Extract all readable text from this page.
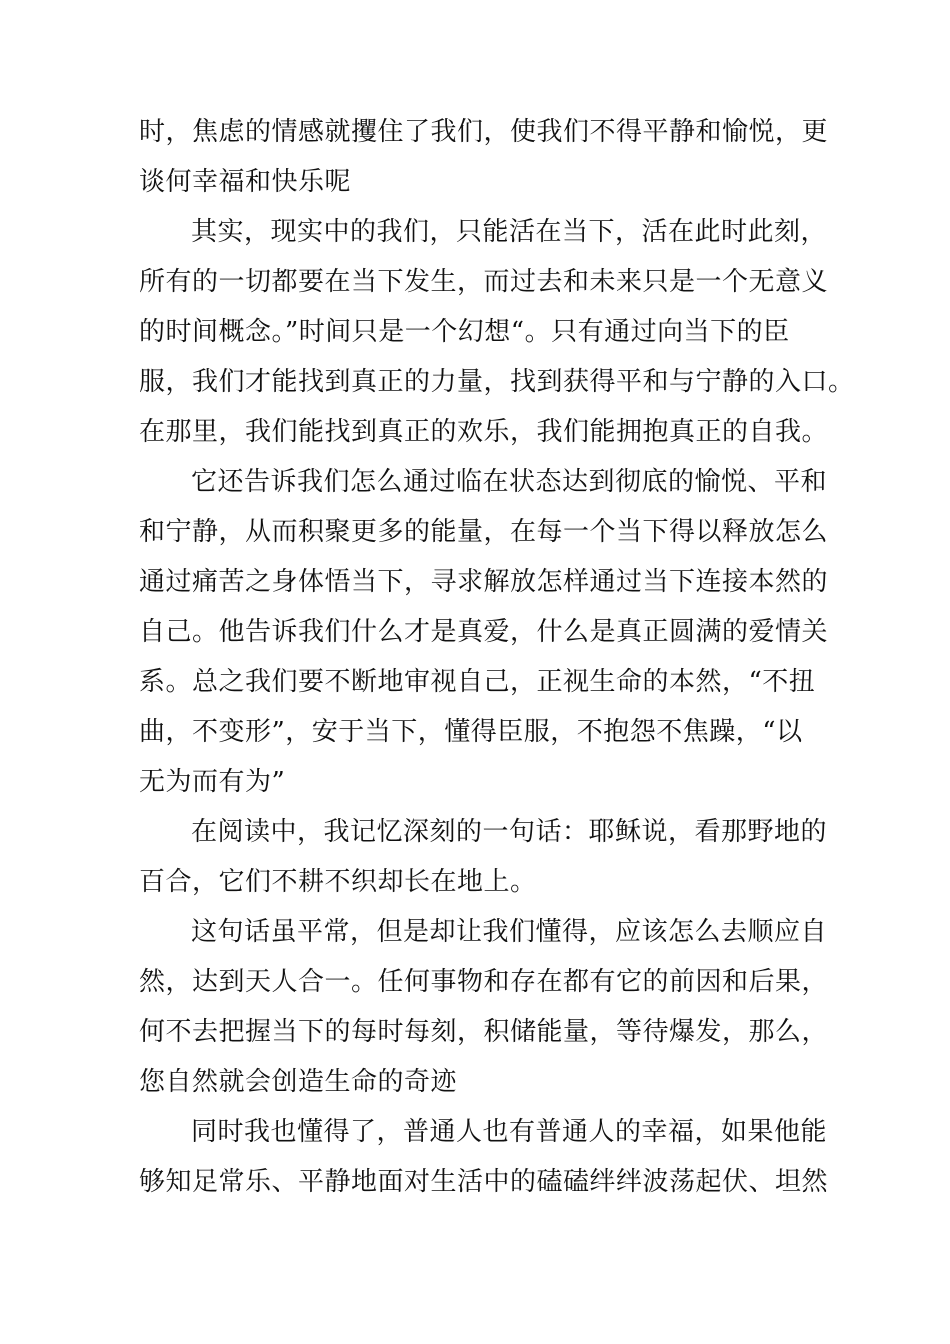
时，焦虑的情感就攫住了我们，使我们不得平静和愉悦，更
谈何幸福和快乐呢
其实，现实中的我们，只能活在当下，活在此时此刻，
所有的一切都要在当下发生，而过去和未来只是一个无意义
的时间概念。”时间只是一个幻想“。只有通过向当下的臣
服，我们才能找到真正的力量，找到获得平和与宁静的入口。
在那里，我们能找到真正的欢乐，我们能拥抱真正的自我。
它还告诉我们怎么通过临在状态达到彻底的愉悦、平和
和宁静，从而积聚更多的能量，在每一个当下得以释放怎么
通过痛苦之身体悟当下，寻求解放怎样通过当下连接本然的
自己。他告诉我们什么才是真爱，什么是真正圆满的爱情关
系。总之我们要不断地审视自己，正视生命的本然，“不扭
曲，不变形”，安于当下，懂得臣服，不抱怨不焦躁，“以
无为而有为”
在阅读中，我记忆深刻的一句话：耶稣说，看那野地的
百合，它们不耕不织却长在地上。
这句话虽平常，但是却让我们懂得，应该怎么去顺应自
然，达到天人合一。任何事物和存在都有它的前因和后果，
何不去把握当下的每时每刻，积储能量，等待爆发，那么，
您自然就会创造生命的奇迹
同时我也懂得了，普通人也有普通人的幸福，如果他能
够知足常乐、平静地面对生活中的磕磕绊绊波荡起伏、坦然
